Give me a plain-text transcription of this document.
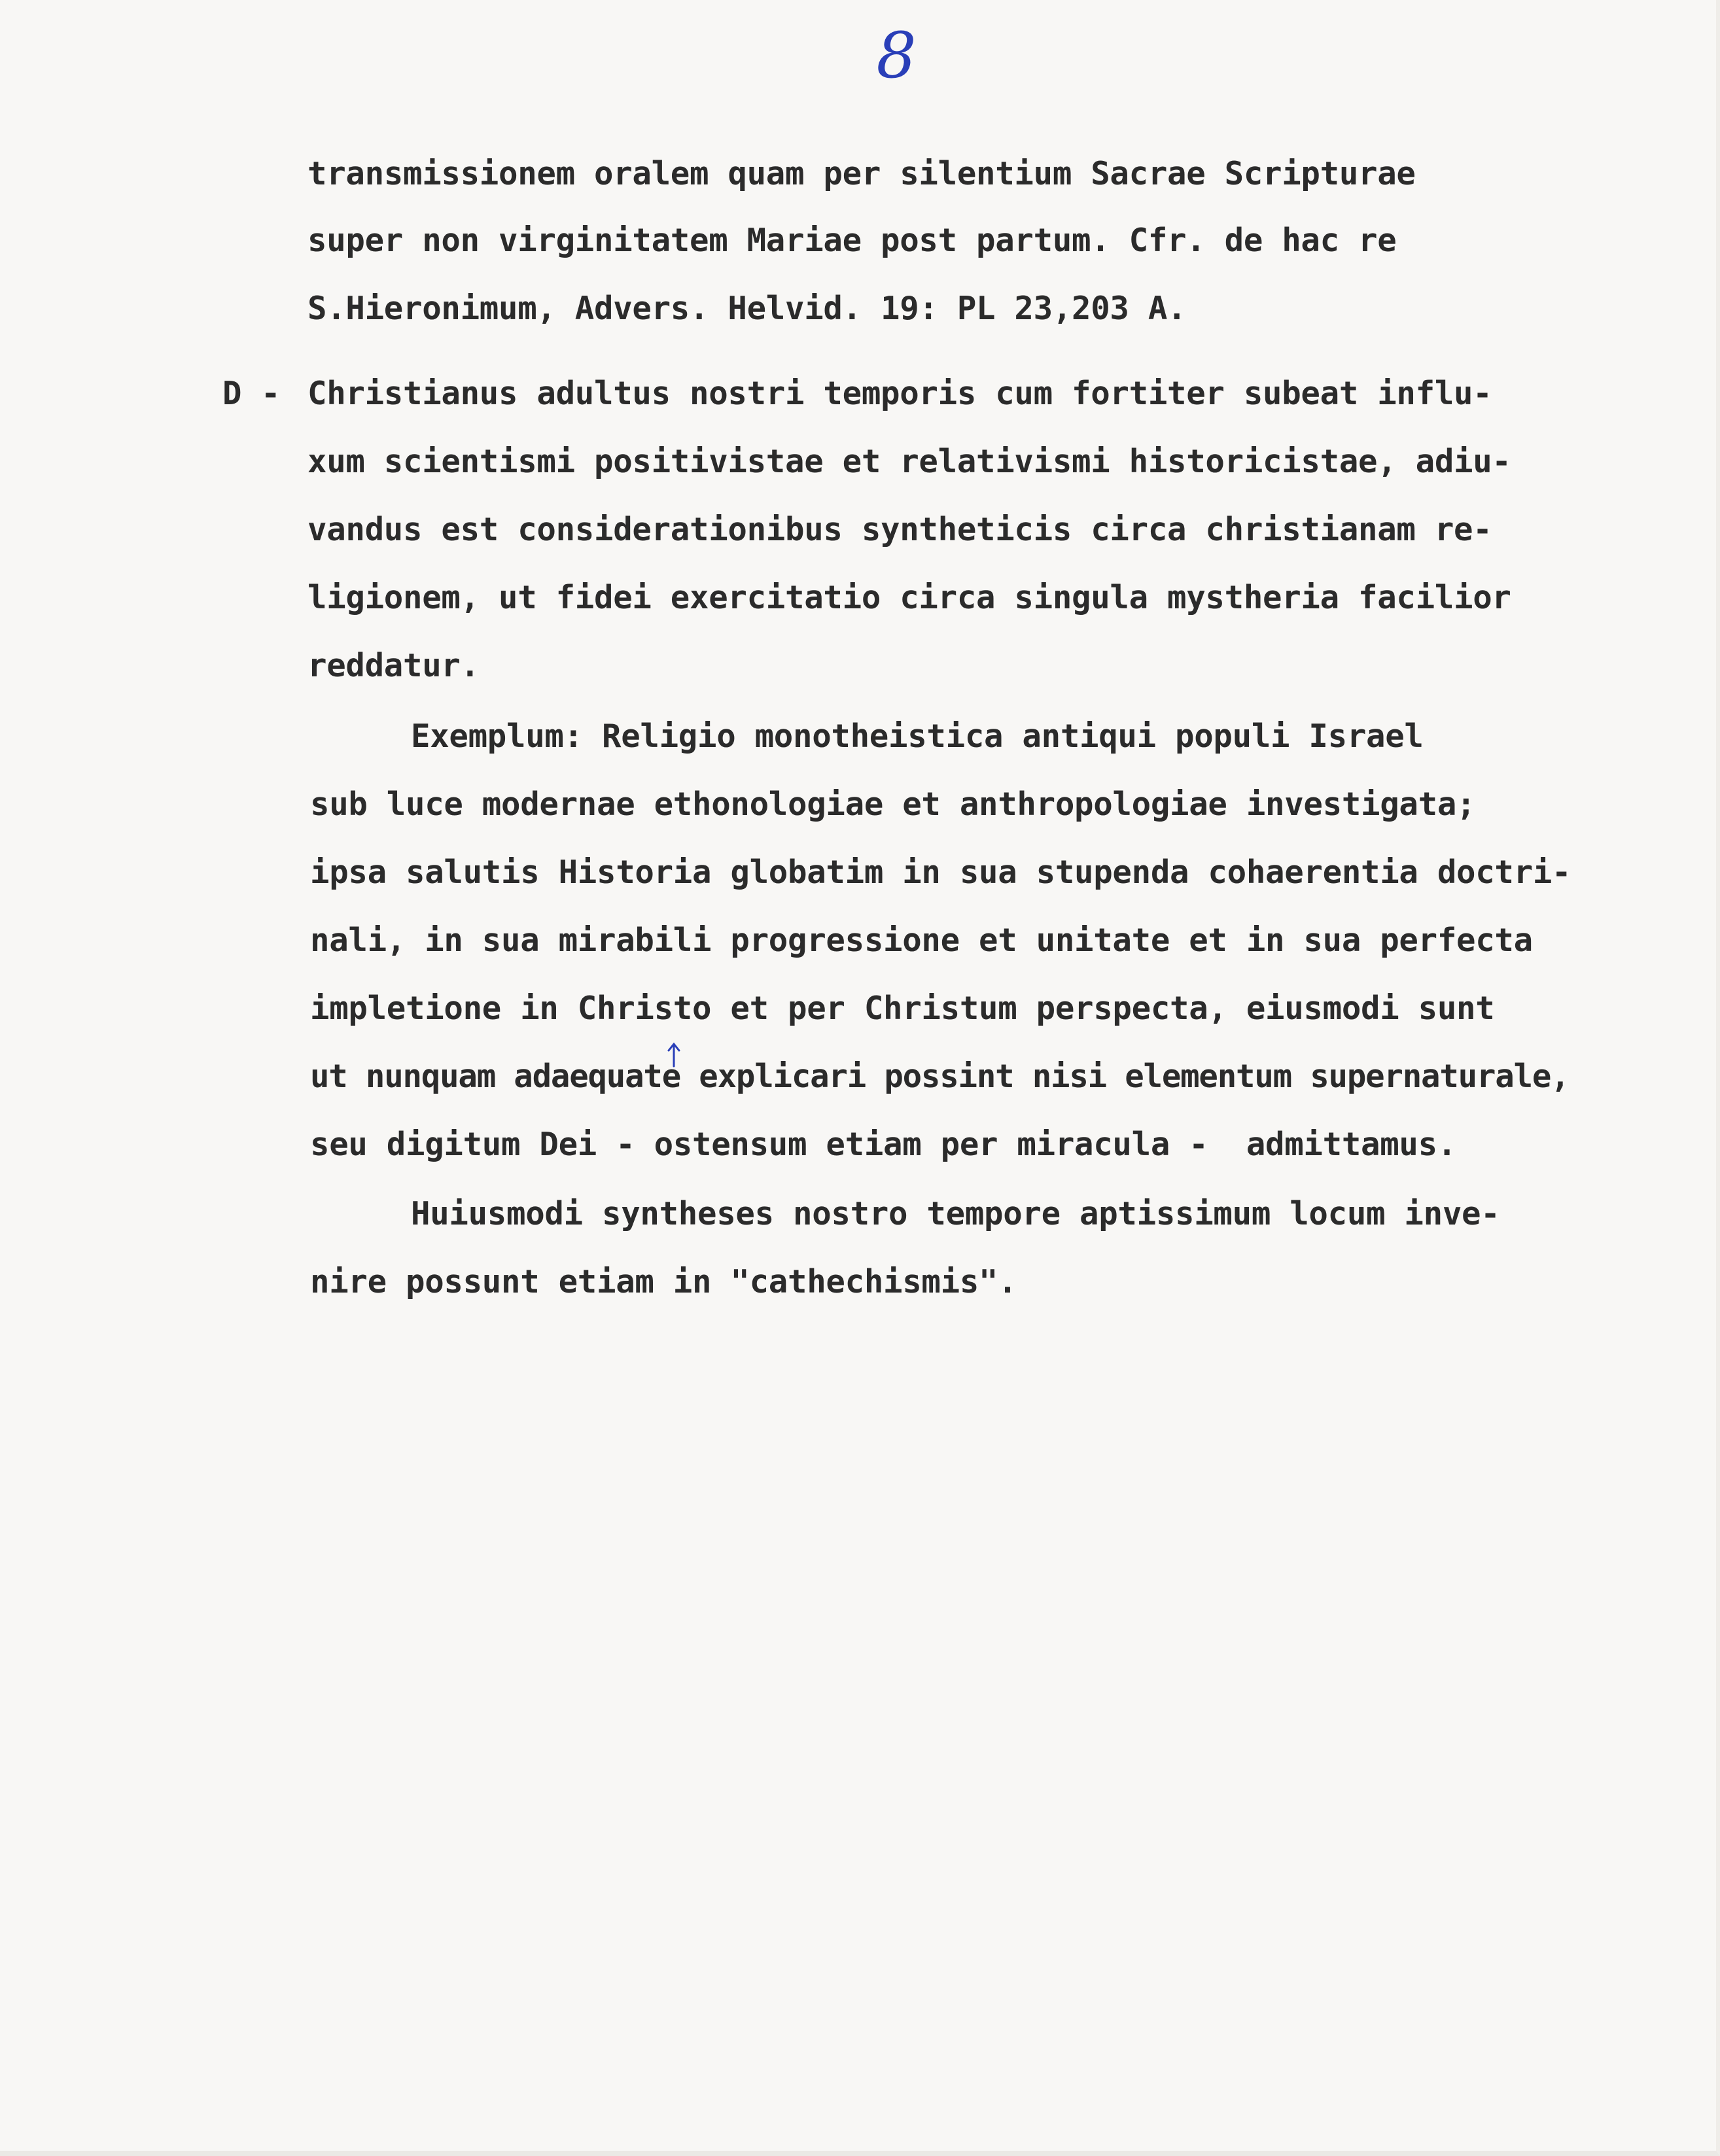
8
transmissionem oralem quam per silentium Sacrae Scripturae
super non virginitatem Mariae post partum. Cfr. de hac re
S.Hieronimum, Advers. Helvid. 19: PL 23,203 A.
D - Christianus adultus nostri temporis cum fortiter subeat influ-
xum scientismi positivistae et relativismi historicistae, adiu-
vandus est considerationibus syntheticis circa christianam re-
ligionem, ut fidei exercitatio circa singula mystheria facilior
reddatur.
Exemplum: Religio monotheistica antiqui populi Israel
sub luce modernae ethonologiae et anthropologiae investigata;
ipsa salutis Historia globatim in sua stupenda cohaerentia doctri-
nali, in sua mirabili progressione et unitate et in sua perfecta
impletione in Christo et per Christum perspecta, eiusmodi sunt
ut nunquam adaequate explicari possint nisi elementum supernaturale,
seu digitum Dei - ostensum etiam per miracula -  admittamus.
Huiusmodi syntheses nostro tempore aptissimum locum inve-
nire possunt etiam in "cathechismis".
